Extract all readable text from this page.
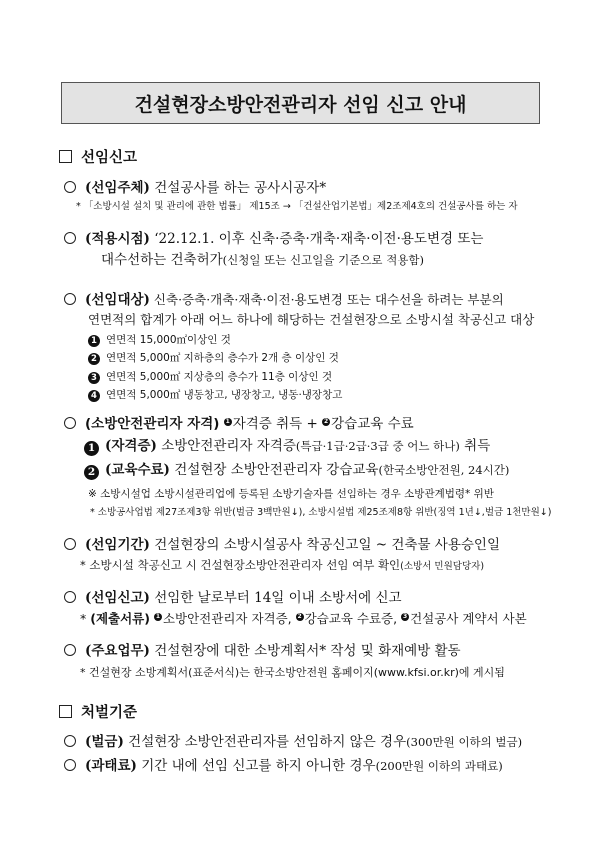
건설현장소방안전관리자 선임 신고 안내
선임신고
(선임주체) 건설공사를 하는 공사시공자*
* 「소방시설 설치 및 관리에 관한 법률」 제15조 → 「건설산업기본법」제2조제4호의 건설공사를 하는 자
(적용시점) ‘22.12.1. 이후 신축·증축·개축·재축·이전·용도변경 또는
대수선하는 건축허가(신청일 또는 신고일을 기준으로 적용함)
(선임대상) 신축·증축·개축·재축·이전·용도변경 또는 대수선을 하려는 부분의
연면적의 합계가 아래 어느 하나에 해당하는 건설현장으로 소방시설 착공신고 대상
1 연면적 15,000㎡이상인 것
2 연면적 5,000㎡ 지하층의 층수가 2개 층 이상인 것
3 연면적 5,000㎡ 지상층의 층수가 11층 이상인 것
4 연면적 5,000㎡ 냉동창고, 냉장창고, 냉동·냉장창고
(소방안전관리자 자격) 1 자격증 취득 + 2 강습교육 수료
1 (자격증) 소방안전관리자 자격증(특급·1급·2급·3급 중 어느 하나) 취득
2 (교육수료) 건설현장 소방안전관리자 강습교육(한국소방안전원, 24시간)
※ 소방시설업 소방시설관리업에 등록된 소방기술자를 선임하는 경우 소방관계법령* 위반
* 소방공사업법 제27조제3항 위반(벌금 3백만원↓), 소방시설법 제25조제8항 위반(징역 1년↓,벌금 1천만원↓)
(선임기간) 건설현장의 소방시설공사 착공신고일 ~ 건축물 사용승인일
* 소방시설 착공신고 시 건설현장소방안전관리자 선임 여부 확인(소방서 민원담당자)
(선임신고) 선임한 날로부터 14일 이내 소방서에 신고
* (제출서류) 1 소방안전관리자 자격증, 2 강습교육 수료증, 3 건설공사 계약서 사본
(주요업무) 건설현장에 대한 소방계획서* 작성 및 화재예방 활동
* 건설현장 소방계획서(표준서식)는 한국소방안전원 홈페이지(www.kfsi.or.kr)에 게시됨
처벌기준
(벌금) 건설현장 소방안전관리자를 선임하지 않은 경우(300만원 이하의 벌금)
(과태료) 기간 내에 선임 신고를 하지 아니한 경우(200만원 이하의 과태료)
